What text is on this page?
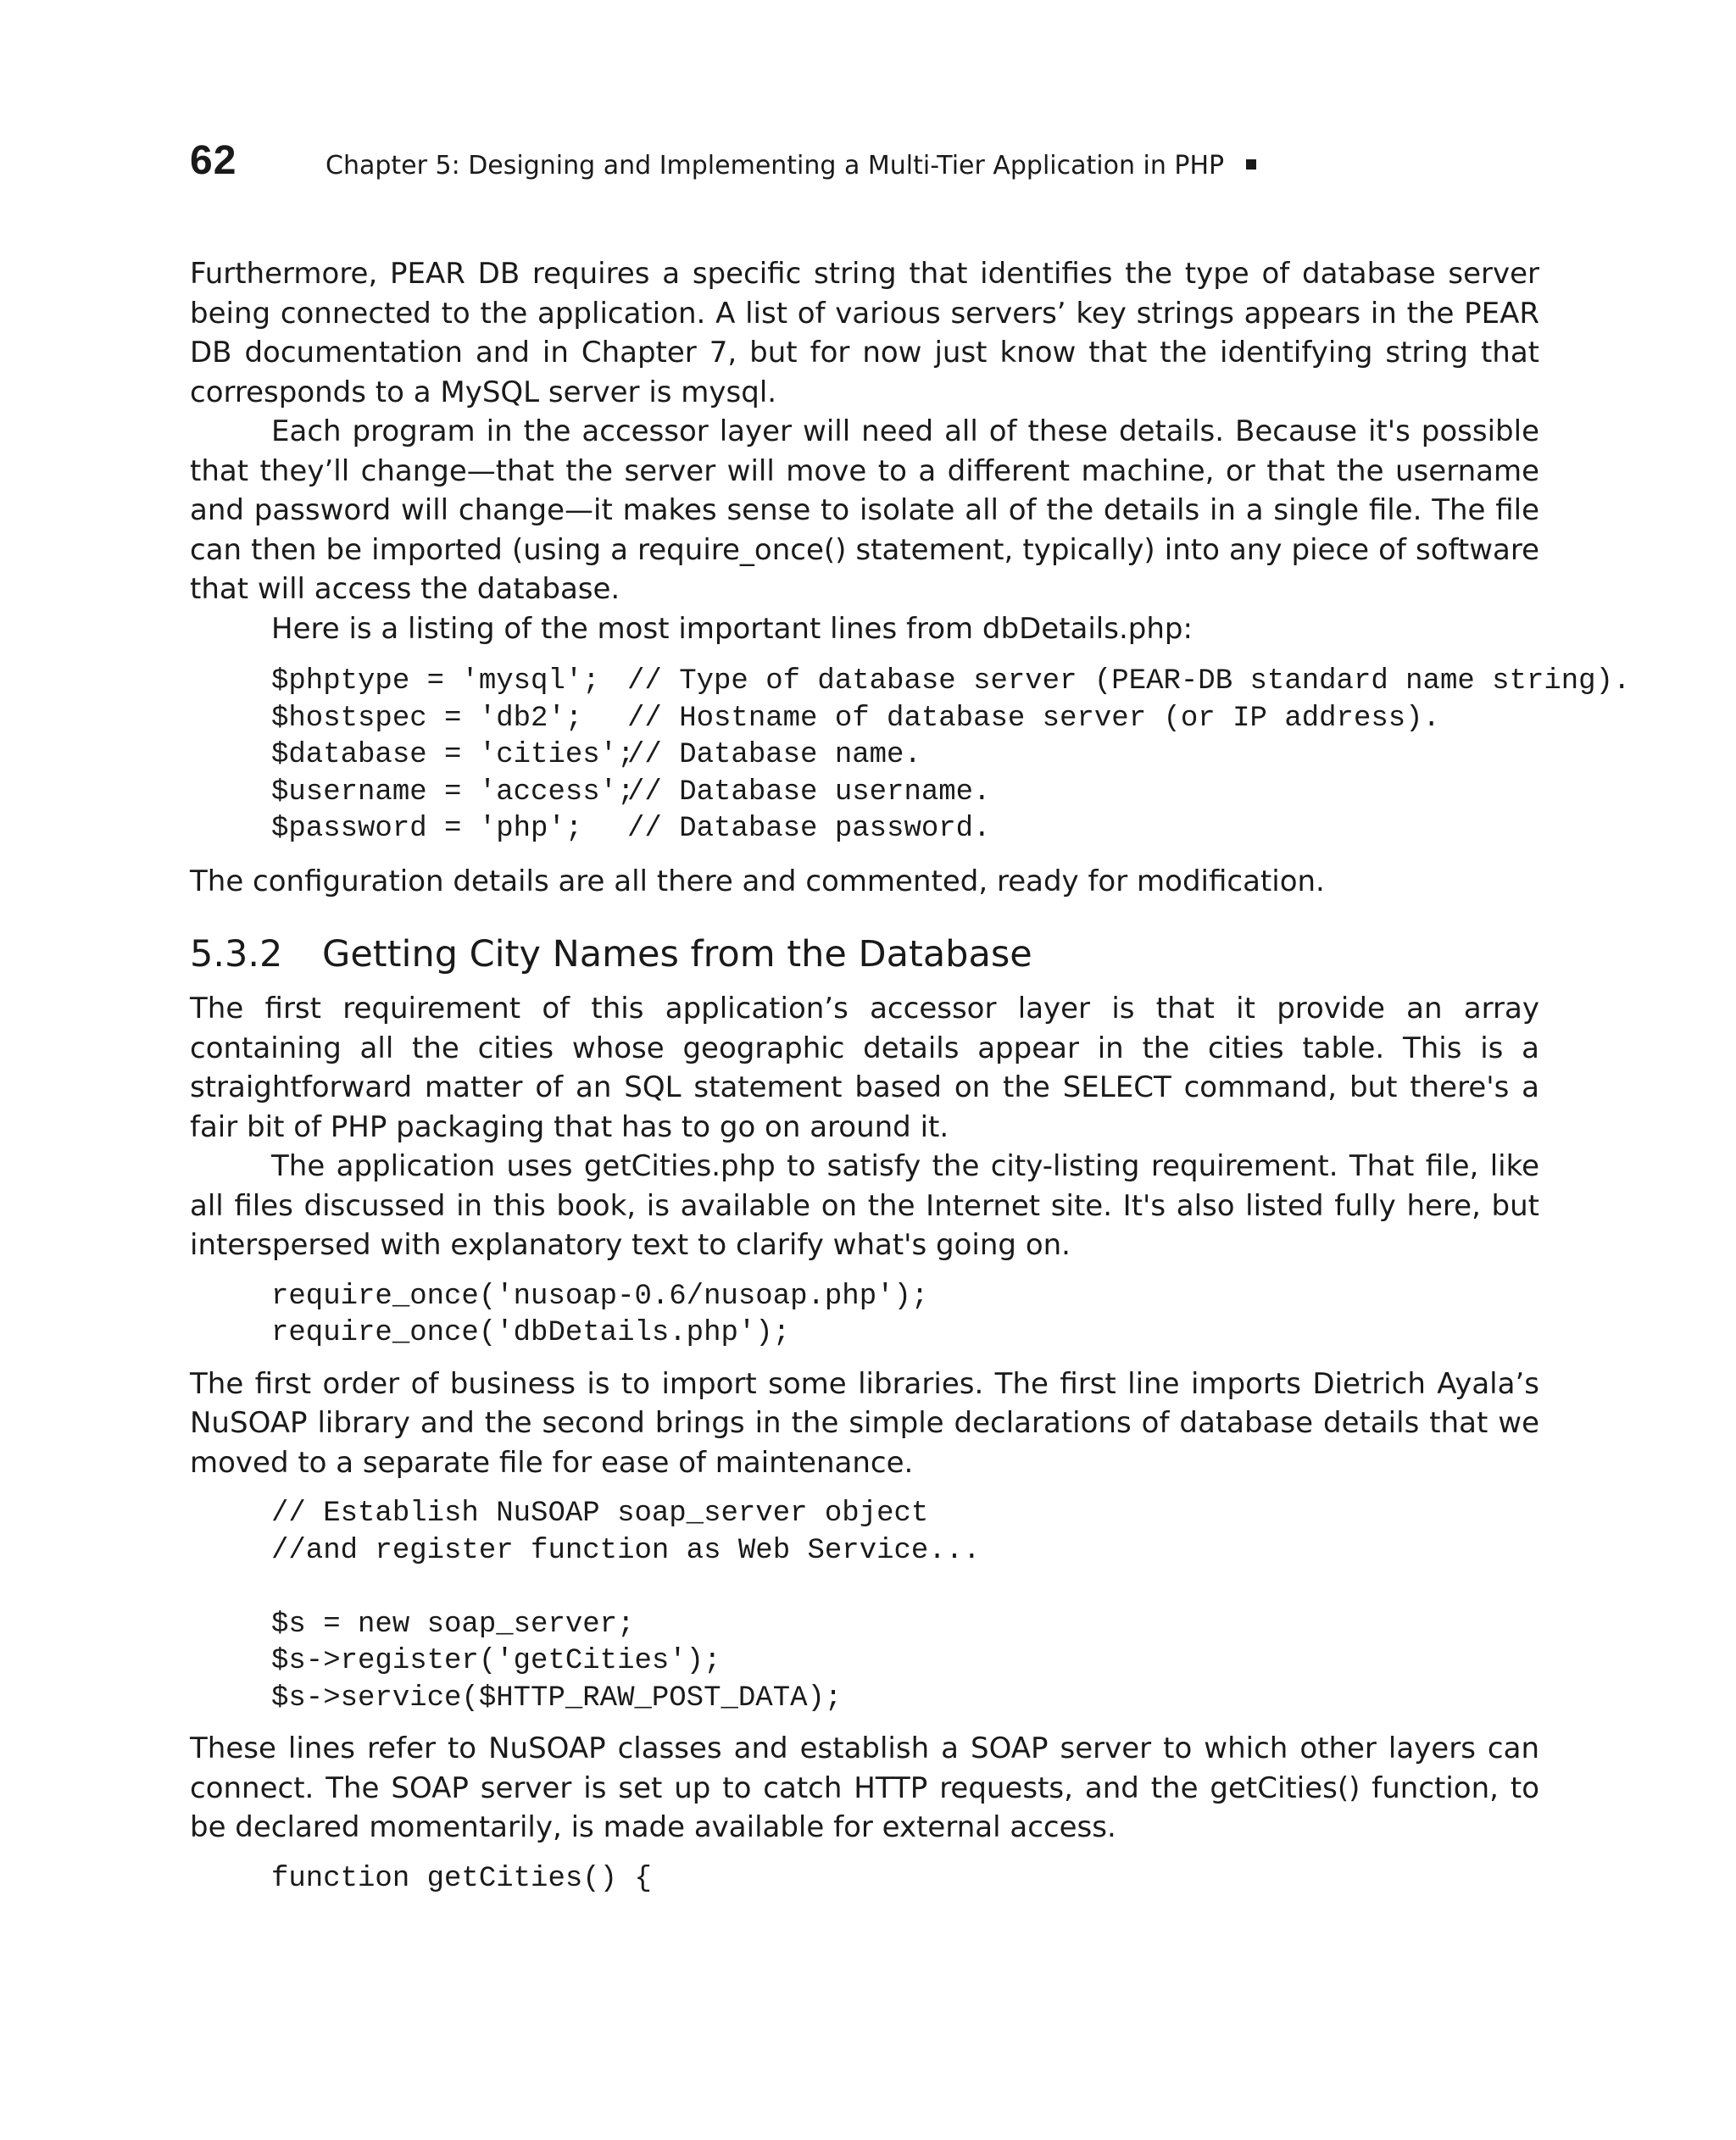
62	Chapter 5: Designing and Implementing a Multi-Tier Application in PHP

Furthermore, PEAR DB requires a specific string that identifies the type of database server being connected to the application. A list of various servers’ key strings appears in the PEAR DB documentation and in Chapter 7, but for now just know that the identifying string that corresponds to a MySQL server is mysql.

Each program in the accessor layer will need all of these details. Because it's possible that they’ll change—that the server will move to a different machine, or that the username and password will change—it makes sense to isolate all of the details in a single file. The file can then be imported (using a require_once() statement, typically) into any piece of software that will access the database.

Here is a listing of the most important lines from dbDetails.php:

$phptype = 'mysql'; // Type of database server (PEAR-DB standard name string).
$hostspec = 'db2'; // Hostname of database server (or IP address).
$database = 'cities';
// Database name.
$username = 'access';
// Database username.
$password = 'php'; // Database password.

The configuration details are all there and commented, ready for modification.

5.3.2 Getting City Names from the Database

The first requirement of this application’s accessor layer is that it provide an array containing all the cities whose geographic details appear in the cities table. This is a straightforward matter of an SQL statement based on the SELECT command, but there's a fair bit of PHP packaging that has to go on around it.

The application uses getCities.php to satisfy the city-listing requirement. That file, like all files discussed in this book, is available on the Internet site. It's also listed fully here, but interspersed with explanatory text to clarify what's going on.

require_once('nusoap-0.6/nusoap.php');
require_once('dbDetails.php');

The first order of business is to import some libraries. The first line imports Dietrich Ayala’s NuSOAP library and the second brings in the simple declarations of database details that we moved to a separate file for ease of maintenance.

// Establish NuSOAP soap_server object
//and register function as Web Service...
$s = new soap_server;
$s->register('getCities');
$s->service($HTTP_RAW_POST_DATA);

These lines refer to NuSOAP classes and establish a SOAP server to which other layers can connect. The SOAP server is set up to catch HTTP requests, and the getCities() function, to be declared momentarily, is made available for external access.

function getCities() {
